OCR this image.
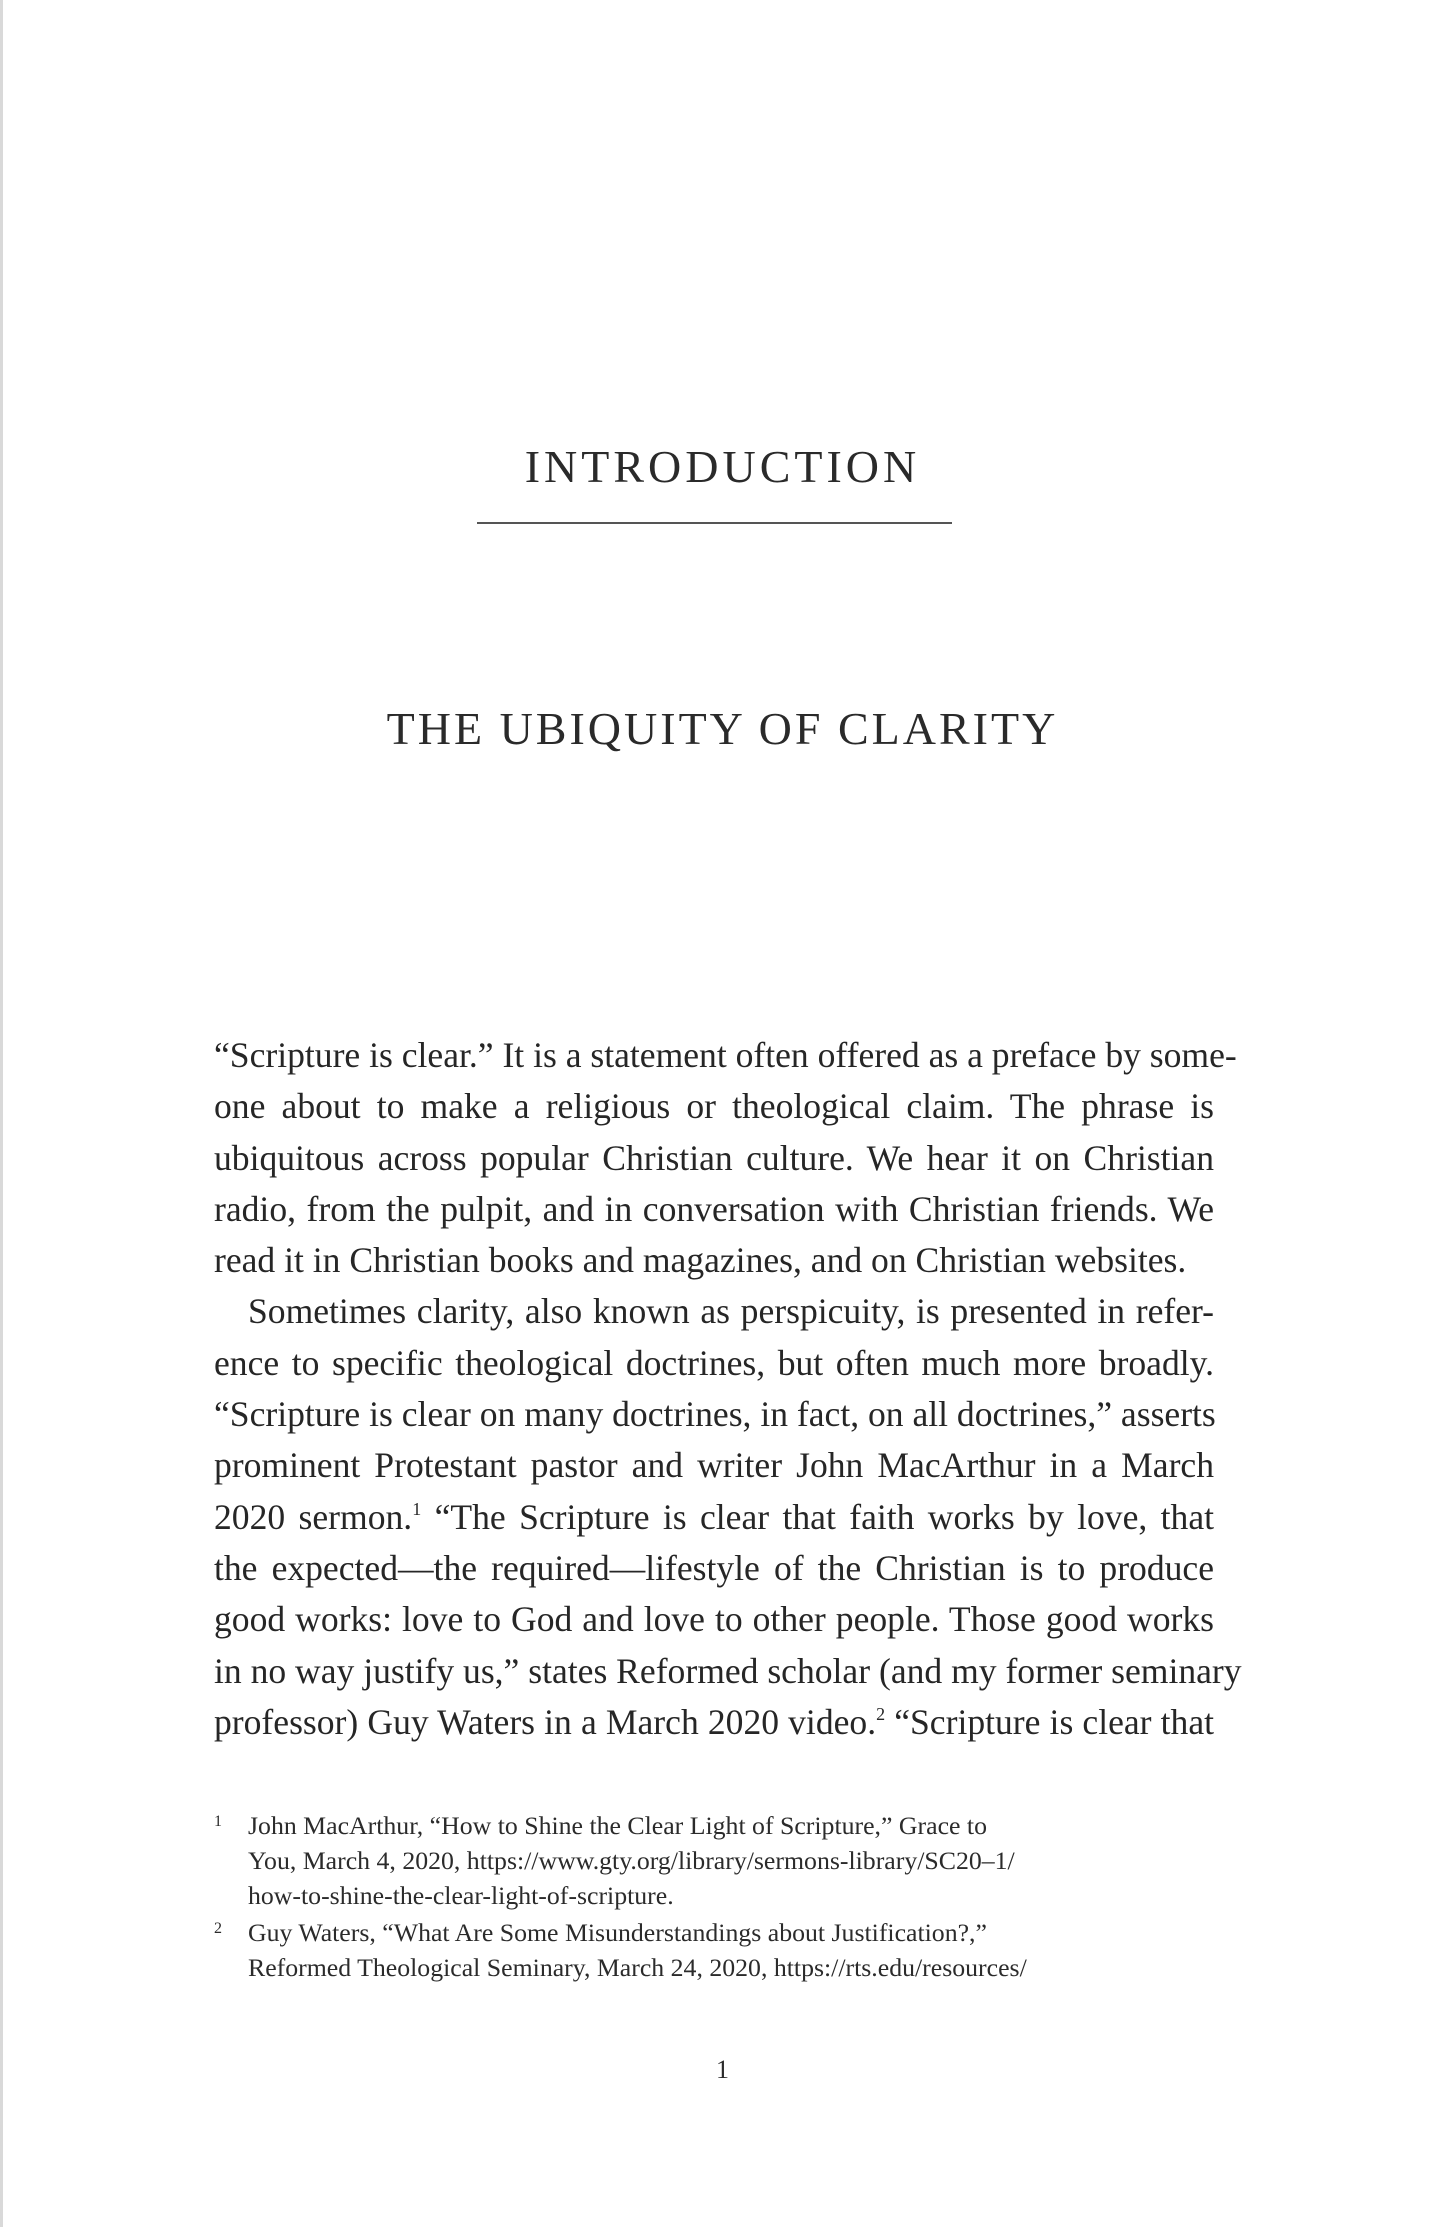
INTRODUCTION
THE UBIQUITY OF CLARITY
“Scripture is clear.” It is a statement often offered as a preface by some-
one about to make a religious or theological claim. The phrase is
ubiquitous across popular Christian culture. We hear it on Christian
radio, from the pulpit, and in conversation with Christian friends. We
read it in Christian books and magazines, and on Christian websites.
Sometimes clarity, also known as perspicuity, is presented in refer-
ence to specific theological doctrines, but often much more broadly.
“Scripture is clear on many doctrines, in fact, on all doctrines,” asserts
prominent Protestant pastor and writer John MacArthur in a March
2020 sermon.$^1$ “The Scripture is clear that faith works by love, that
the expected—the required—lifestyle of the Christian is to produce
good works: love to God and love to other people. Those good works
in no way justify us,” states Reformed scholar (and my former seminary
professor) Guy Waters in a March 2020 video.$^2$ “Scripture is clear that
1 John MacArthur, “How to Shine the Clear Light of Scripture,” Grace to
You, March 4, 2020, https://www.gty.org/library/sermons-library/SC20–1/
how-to-shine-the-clear-light-of-scripture.
2 Guy Waters, “What Are Some Misunderstandings about Justification?,”
Reformed Theological Seminary, March 24, 2020, https://rts.edu/resources/
1
